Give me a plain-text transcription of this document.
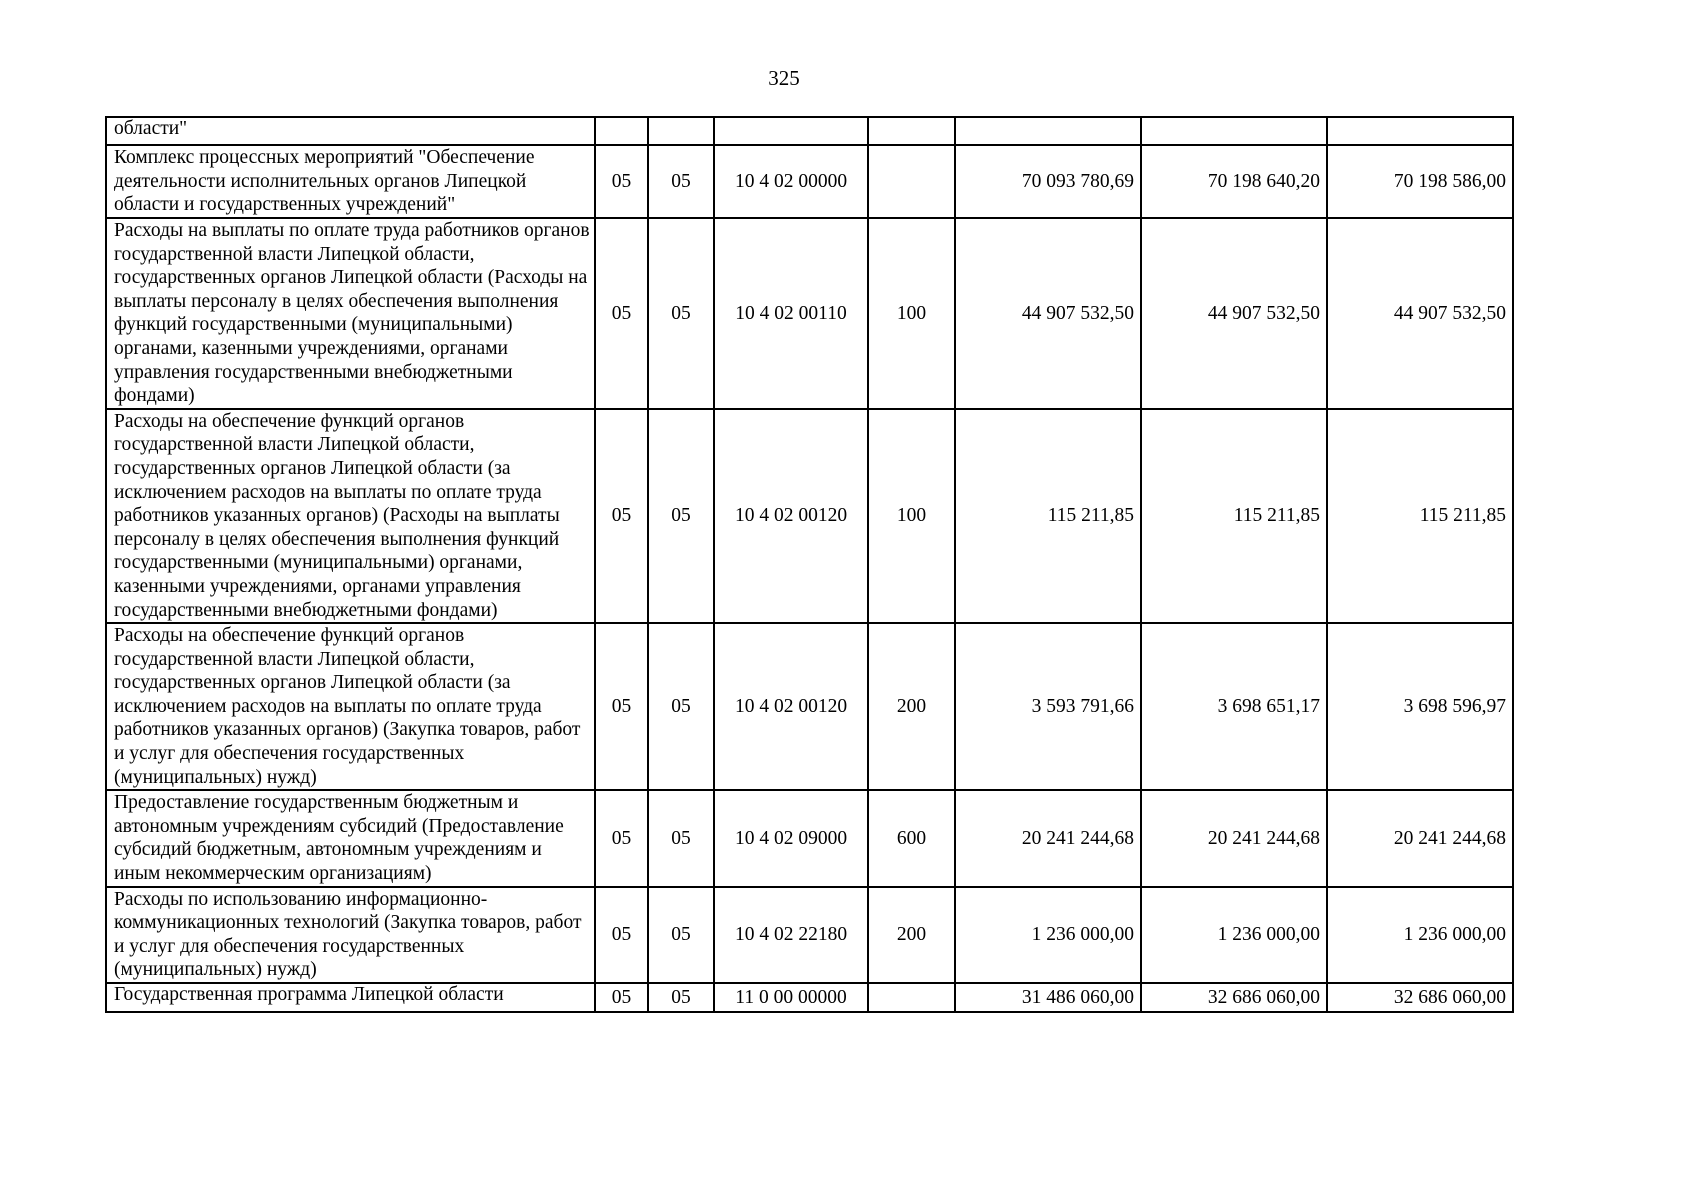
325
области"							
Комплекс процессных мероприятий "Обеспечение деятельности исполнительных органов Липецкой области и государственных учреждений"	05	05	10 4 02 00000		70 093 780,69	70 198 640,20	70 198 586,00
Расходы на выплаты по оплате труда работников органов государственной власти Липецкой области, государственных органов Липецкой области (Расходы на выплаты персоналу в целях обеспечения выполнения функций государственными (муниципальными) органами, казенными учреждениями, органами управления государственными внебюджетными фондами)	05	05	10 4 02 00110	100	44 907 532,50	44 907 532,50	44 907 532,50
Расходы на обеспечение функций органов государственной власти Липецкой области, государственных органов Липецкой области (за исключением расходов на выплаты по оплате труда работников указанных органов) (Расходы на выплаты персоналу в целях обеспечения выполнения функций государственными (муниципальными) органами, казенными учреждениями, органами управления государственными внебюджетными фондами)	05	05	10 4 02 00120	100	115 211,85	115 211,85	115 211,85
Расходы на обеспечение функций органов государственной власти Липецкой области, государственных органов Липецкой области (за исключением расходов на выплаты по оплате труда работников указанных органов) (Закупка товаров, работ и услуг для обеспечения государственных (муниципальных) нужд)	05	05	10 4 02 00120	200	3 593 791,66	3 698 651,17	3 698 596,97
Предоставление государственным бюджетным и автономным учреждениям субсидий (Предоставление субсидий бюджетным, автономным учреждениям и иным некоммерческим организациям)	05	05	10 4 02 09000	600	20 241 244,68	20 241 244,68	20 241 244,68
Расходы по использованию информационно-коммуникационных технологий (Закупка товаров, работ и услуг для обеспечения государственных (муниципальных) нужд)	05	05	10 4 02 22180	200	1 236 000,00	1 236 000,00	1 236 000,00
Государственная программа Липецкой области	05	05	11 0 00 00000		31 486 060,00	32 686 060,00	32 686 060,00
